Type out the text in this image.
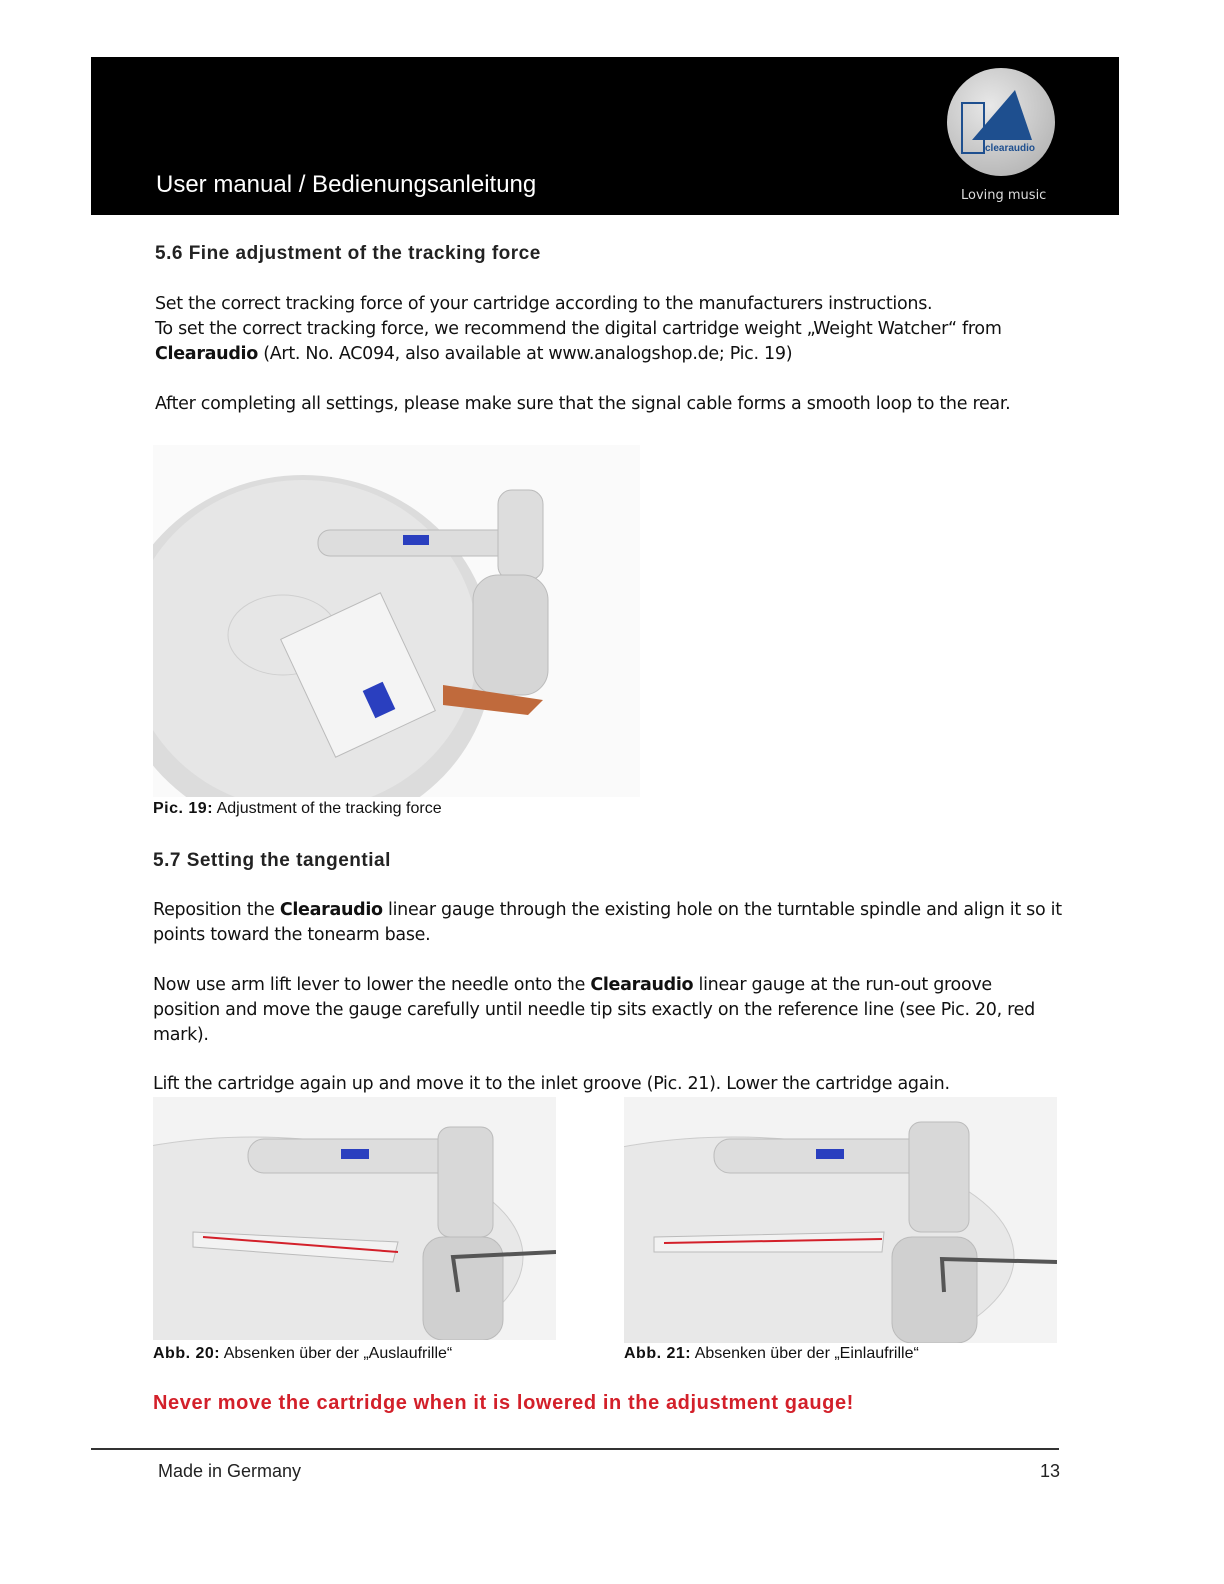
User manual / Bedienungsanleitung
clearaudio
Loving music
5.6 Fine adjustment of the tracking force
Set the correct tracking force of your cartridge according to the manufacturers instructions.
To set the correct tracking force, we recommend the digital cartridge weight „Weight Watcher“ from
Clearaudio (Art. No. AC094, also available at www.analogshop.de; Pic. 19)
After completing all settings, please make sure that the signal cable forms a smooth loop to the rear.
Pic. 19: Adjustment of the tracking force
5.7 Setting the tangential
Reposition the Clearaudio linear gauge through the existing hole on the turntable spindle and align it so it points toward the tonearm base.
Now use arm lift lever to lower the needle onto the Clearaudio linear gauge at the run-out groove position and move the gauge carefully until needle tip sits exactly on the reference line (see Pic. 20, red mark).
Lift the cartridge again up and move it to the inlet groove (Pic. 21). Lower the cartridge again.
Abb. 20: Absenken über der „Auslaufrille“	Abb. 21: Absenken über der „Einlaufrille“
Never move the cartridge when it is lowered in the adjustment gauge!
Made in Germany	13
